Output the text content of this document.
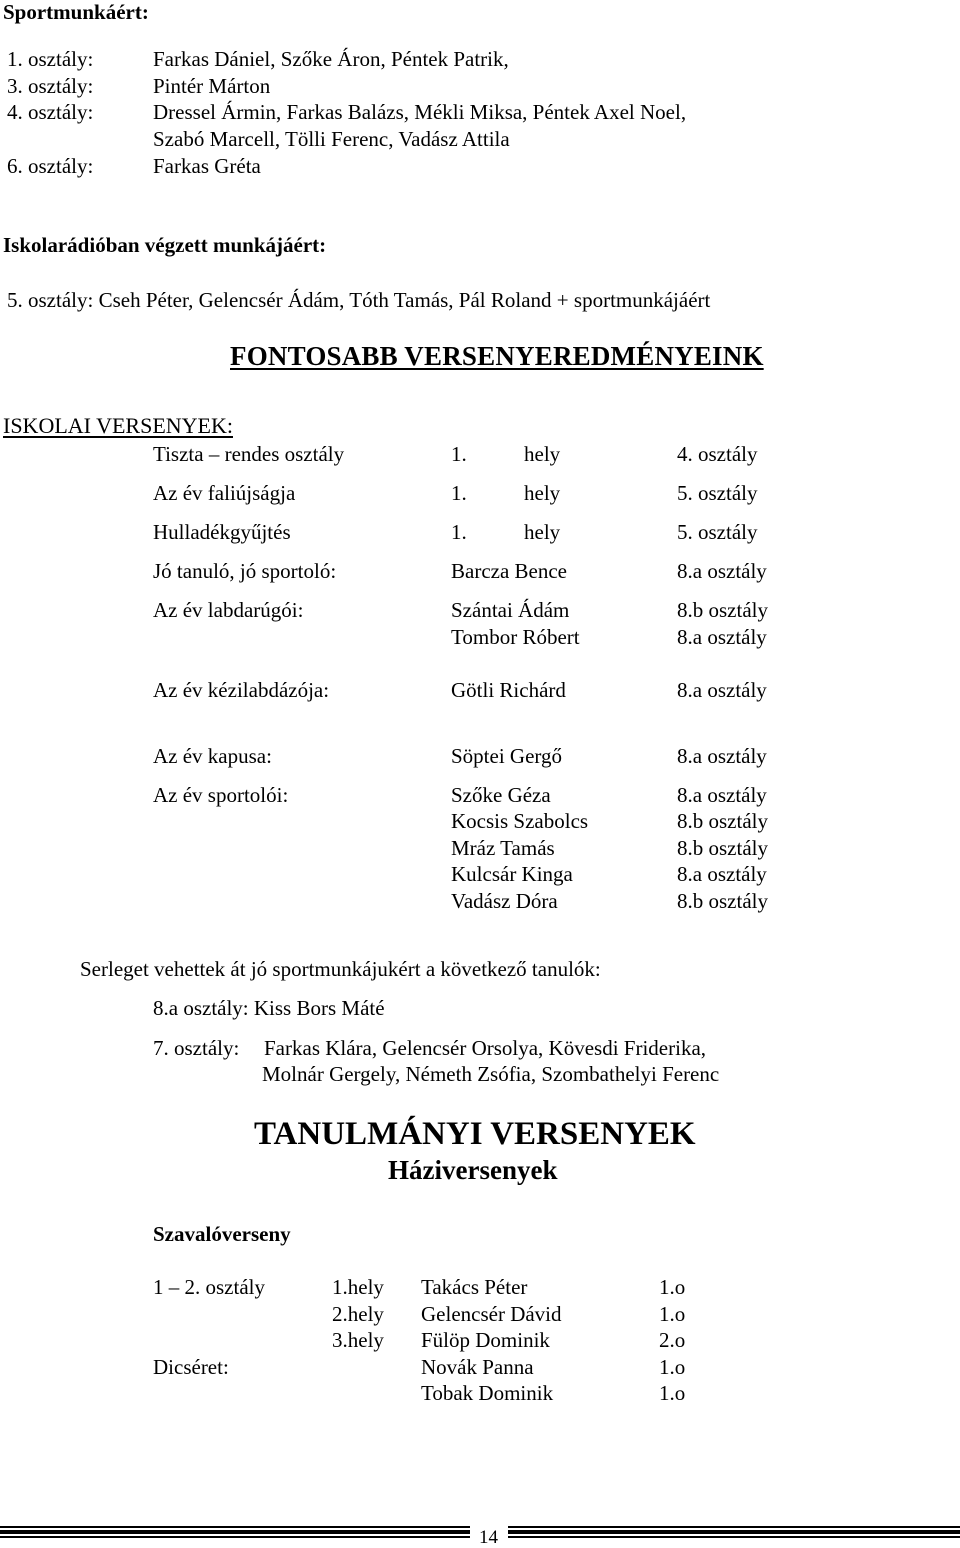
Sportmunkáért:
1. osztály:	Farkas Dániel, Szőke Áron, Péntek Patrik,
3. osztály:	Pintér Márton
4. osztály:	Dressel Ármin, Farkas Balázs, Mékli Miksa, Péntek Axel Noel,
Szabó Marcell, Tölli Ferenc, Vadász Attila
6. osztály:	Farkas Gréta
Iskolarádióban végzett munkájáért:
5. osztály: Cseh Péter, Gelencsér Ádám, Tóth Tamás, Pál Roland + sportmunkájáért
FONTOSABB VERSENYEREDMÉNYEINK
ISKOLAI VERSENYEK:
Tiszta – rendes osztály	1.	hely	4. osztály
Az év faliújságja	1.	hely	5. osztály
Hulladékgyűjtés	1.	hely	5. osztály
Jó tanuló, jó sportoló:	Barcza Bence	8.a osztály
Az év labdarúgói:	Szántai Ádám	8.b osztály
Tombor Róbert	8.a osztály
Az év kézilabdázója:	Götli Richárd	8.a osztály
Az év kapusa:	Söptei Gergő	8.a osztály
Az év sportolói:	Szőke Géza	8.a osztály
Kocsis Szabolcs	8.b osztály
Mráz Tamás	8.b osztály
Kulcsár Kinga	8.a osztály
Vadász Dóra	8.b osztály
Serleget vehettek át jó sportmunkájukért a következő tanulók:
8.a osztály: Kiss Bors Máté
7. osztály: Farkas Klára, Gelencsér Orsolya, Kövesdi Friderika,
Molnár Gergely, Németh Zsófia, Szombathelyi Ferenc
TANULMÁNYI VERSENYEK
Háziversenyek
Szavalóverseny
1 – 2. osztály	1.hely Takács Péter	1.o
2.hely Gelencsér Dávid	1.o
3.hely Fülöp Dominik	2.o
Dicséret:	Novák Panna	1.o
Tobak Dominik	1.o
14
